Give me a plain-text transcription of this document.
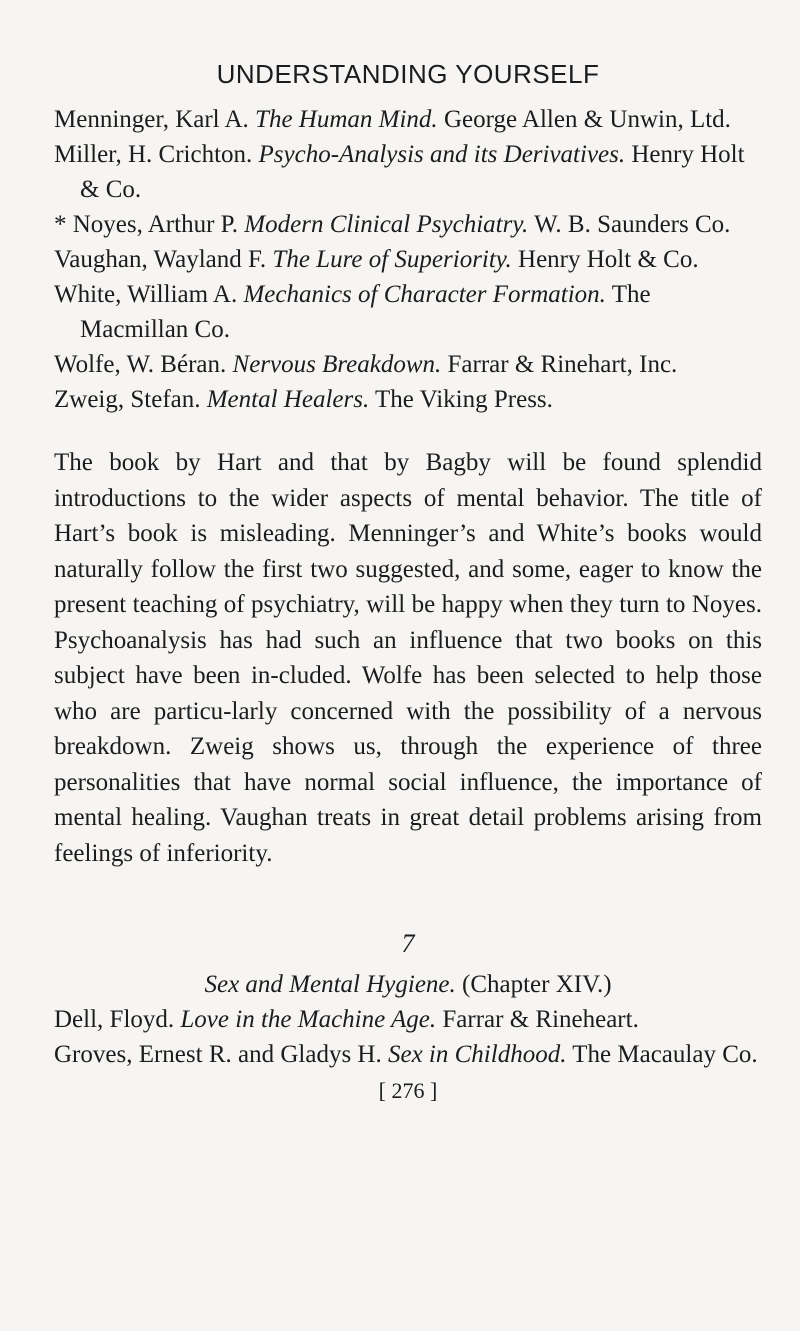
UNDERSTANDING YOURSELF

Menninger, Karl A. The Human Mind. George Allen & Unwin, Ltd.

Miller, H. Crichton. Psycho-Analysis and its Derivatives. Henry Holt & Co.

* Noyes, Arthur P. Modern Clinical Psychiatry. W. B. Saunders Co.

Vaughan, Wayland F. The Lure of Superiority. Henry Holt & Co.

White, William A. Mechanics of Character Formation. The Macmillan Co.

Wolfe, W. Béran. Nervous Breakdown. Farrar & Rinehart, Inc.

Zweig, Stefan. Mental Healers. The Viking Press.

The book by Hart and that by Bagby will be found splendid introductions to the wider aspects of mental behavior. The title of Hart’s book is misleading. Menninger’s and White’s books would naturally follow the first two suggested, and some, eager to know the present teaching of psychiatry, will be happy when they turn to Noyes. Psychoanalysis has had such an influence that two books on this subject have been in-cluded. Wolfe has been selected to help those who are particu-larly concerned with the possibility of a nervous breakdown. Zweig shows us, through the experience of three personalities that have normal social influence, the importance of mental healing. Vaughan treats in great detail problems arising from feelings of inferiority.

7

Sex and Mental Hygiene. (Chapter XIV.)

Dell, Floyd. Love in the Machine Age. Farrar & Rineheart.

Groves, Ernest R. and Gladys H. Sex in Childhood. The Macaulay Co.

[ 276 ]
